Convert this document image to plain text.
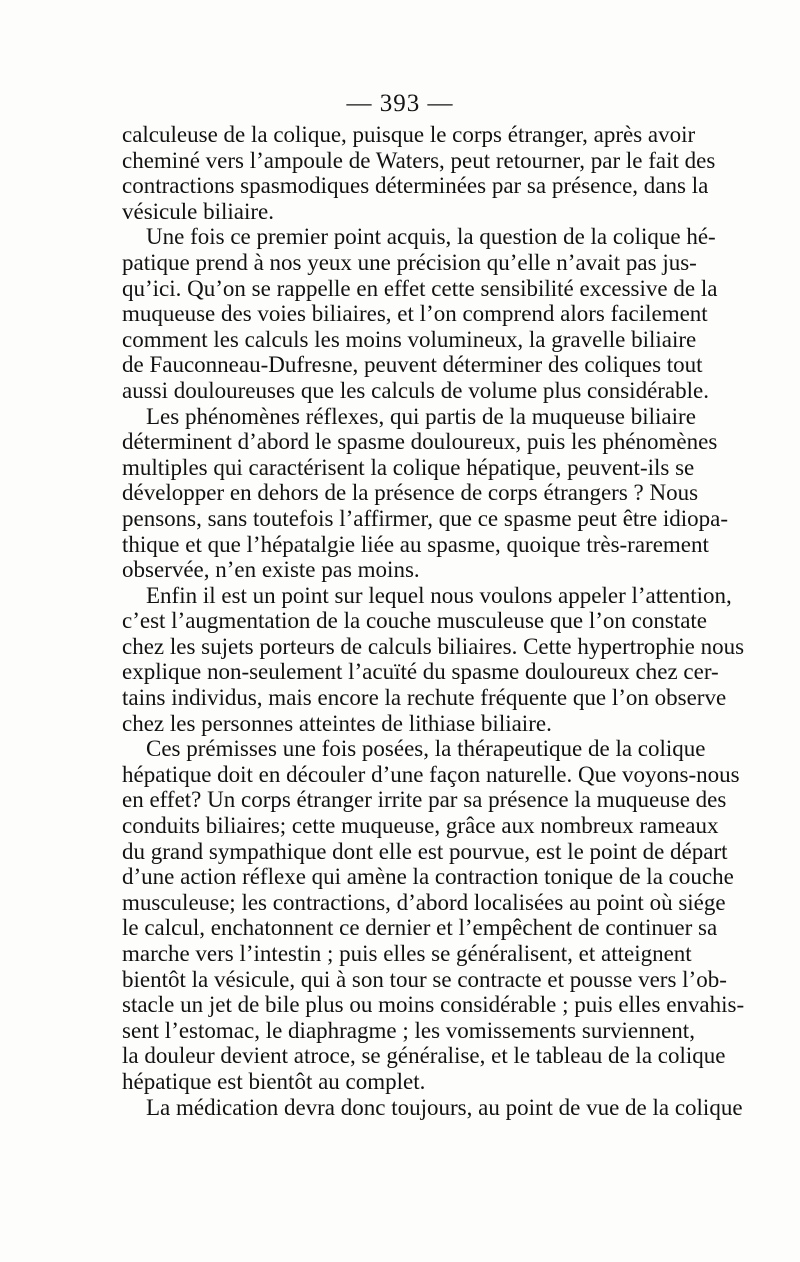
— 393 —
calculeuse de la colique, puisque le corps étranger, après avoir
cheminé vers l’ampoule de Waters, peut retourner, par le fait des
contractions spasmodiques déterminées par sa présence, dans la
vésicule biliaire.
Une fois ce premier point acquis, la question de la colique hé-
patique prend à nos yeux une précision qu’elle n’avait pas jus-
qu’ici. Qu’on se rappelle en effet cette sensibilité excessive de la
muqueuse des voies biliaires, et l’on comprend alors facilement
comment les calculs les moins volumineux, la gravelle biliaire
de Fauconneau-Dufresne, peuvent déterminer des coliques tout
aussi douloureuses que les calculs de volume plus considérable.
Les phénomènes réflexes, qui partis de la muqueuse biliaire
déterminent d’abord le spasme douloureux, puis les phénomènes
multiples qui caractérisent la colique hépatique, peuvent-ils se
développer en dehors de la présence de corps étrangers ? Nous
pensons, sans toutefois l’affirmer, que ce spasme peut être idiopa-
thique et que l’hépatalgie liée au spasme, quoique très-rarement
observée, n’en existe pas moins.
Enfin il est un point sur lequel nous voulons appeler l’attention,
c’est l’augmentation de la couche musculeuse que l’on constate
chez les sujets porteurs de calculs biliaires. Cette hypertrophie nous
explique non-seulement l’acuïté du spasme douloureux chez cer-
tains individus, mais encore la rechute fréquente que l’on observe
chez les personnes atteintes de lithiase biliaire.
Ces prémisses une fois posées, la thérapeutique de la colique
hépatique doit en découler d’une façon naturelle. Que voyons-nous
en effet? Un corps étranger irrite par sa présence la muqueuse des
conduits biliaires; cette muqueuse, grâce aux nombreux rameaux
du grand sympathique dont elle est pourvue, est le point de départ
d’une action réflexe qui amène la contraction tonique de la couche
musculeuse; les contractions, d’abord localisées au point où siége
le calcul, enchatonnent ce dernier et l’empêchent de continuer sa
marche vers l’intestin ; puis elles se généralisent, et atteignent
bientôt la vésicule, qui à son tour se contracte et pousse vers l’ob-
stacle un jet de bile plus ou moins considérable ; puis elles envahis-
sent l’estomac, le diaphragme ; les vomissements surviennent,
la douleur devient atroce, se généralise, et le tableau de la colique
hépatique est bientôt au complet.
La médication devra donc toujours, au point de vue de la colique
